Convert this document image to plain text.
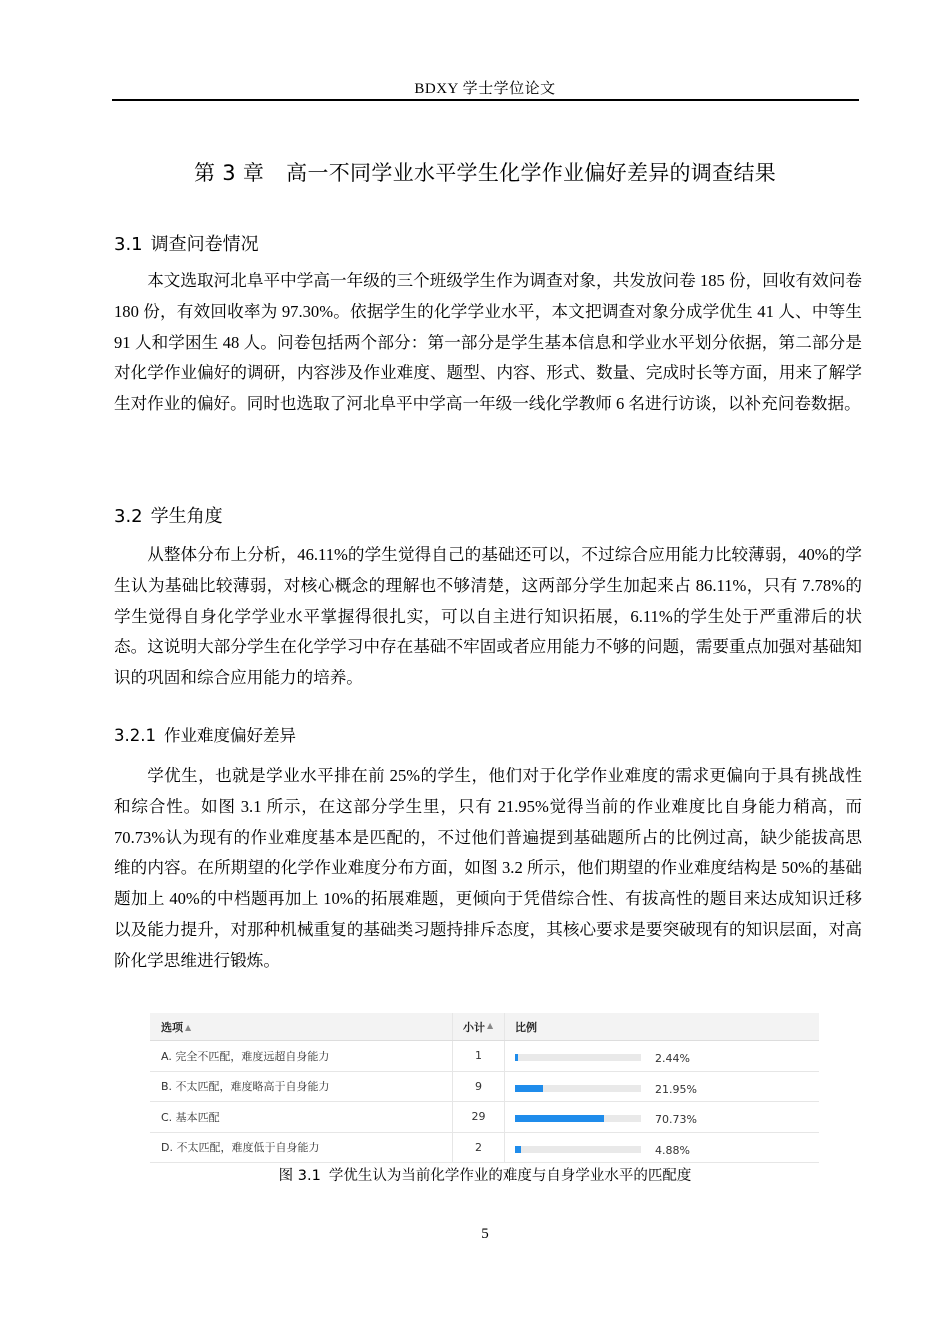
BDXY 学士学位论文
第 3 章 高一不同学业水平学生化学作业偏好差异的调查结果
3.1 调查问卷情况

本文选取河北阜平中学高一年级的三个班级学生作为调查对象，共发放问卷 185 份，回收有效问卷 180 份，有效回收率为 97.30%。依据学生的化学学业水平，本文把调查对象分成学优生 41 人、中等生 91 人和学困生 48 人。问卷包括两个部分：第一部分是学生基本信息和学业水平划分依据，第二部分是对化学作业偏好的调研，内容涉及作业难度、题型、内容、形式、数量、完成时长等方面，用来了解学生对作业的偏好。同时也选取了河北阜平中学高一年级一线化学教师 6 名进行访谈，以补充问卷数据。

3.2 学生角度

从整体分布上分析，46.11%的学生觉得自己的基础还可以，不过综合应用能力比较薄弱，40%的学生认为基础比较薄弱，对核心概念的理解也不够清楚，这两部分学生加起来占 86.11%，只有 7.78%的学生觉得自身化学学业水平掌握得很扎实，可以自主进行知识拓展，6.11%的学生处于严重滞后的状态。这说明大部分学生在化学学习中存在基础不牢固或者应用能力不够的问题，需要重点加强对基础知识的巩固和综合应用能力的培养。

3.2.1 作业难度偏好差异

学优生，也就是学业水平排在前 25%的学生，他们对于化学作业难度的需求更偏向于具有挑战性和综合性。如图 3.1 所示，在这部分学生里，只有 21.95%觉得当前的作业难度比自身能力稍高，而 70.73%认为现有的作业难度基本是匹配的，不过他们普遍提到基础题所占的比例过高，缺少能拔高思维的内容。在所期望的化学作业难度分布方面，如图 3.2 所示，他们期望的作业难度结构是 50%的基础题加上 40%的中档题再加上 10%的拓展难题，更倾向于凭借综合性、有拔高性的题目来达成知识迁移以及能力提升，对那种机械重复的基础类习题持排斥态度，其核心要求是要突破现有的知识层面，对高阶化学思维进行锻炼。

选项 ▲︎	小计 ▲︎	比例
A. 完全不匹配，难度远超自身能力	1	2.44%
B. 不太匹配，难度略高于自身能力	9	21.95%
C. 基本匹配	29	70.73%
D. 不太匹配，难度低于自身能力	2	4.88%
图 3.1 学优生认为当前化学作业的难度与自身学业水平的匹配度
5
